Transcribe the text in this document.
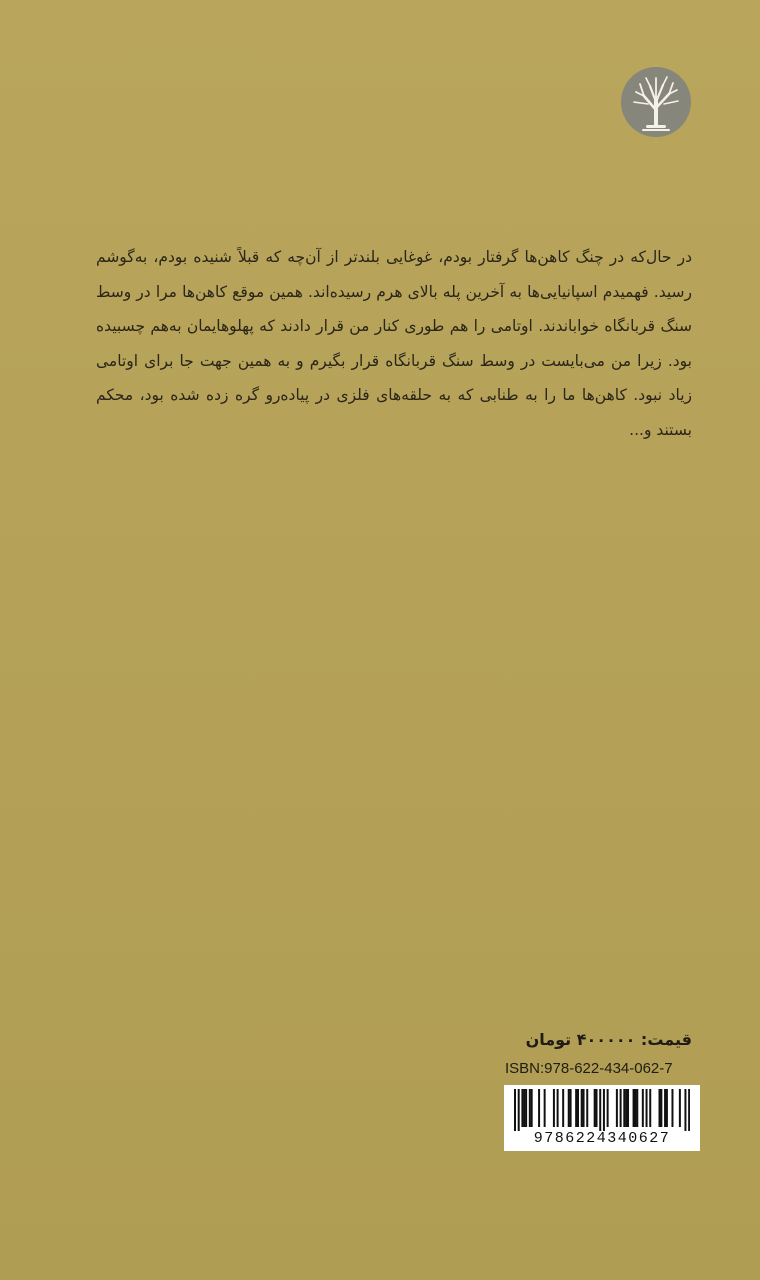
در حال‌که در چنگ کاهن‌ها گرفتار بودم، غوغایی بلندتر از آن‌چه که قبلاً شنیده بودم، به‌گوشم رسید. فهمیدم اسپانیایی‌ها به آخرین پله بالای هرم رسیده‌اند. همین موقع کاهن‌ها مرا در وسط سنگ قربانگاه خواباندند. اوتامی را هم طوری کنار من قرار دادند که پهلوهایمان به‌هم چسبیده بود. زیرا من می‌بایست در وسط سنگ قربانگاه قرار بگیرم و به همین جهت جا برای اوتامی زیاد نبود. کاهن‌ها ما را به طنابی که به حلقه‌های فلزی در پیاده‌رو گره زده شده بود، محکم بستند و...

قیمت: ۴۰۰۰۰۰ تومان
ISBN:978-622-434-062-7
9786224340627
